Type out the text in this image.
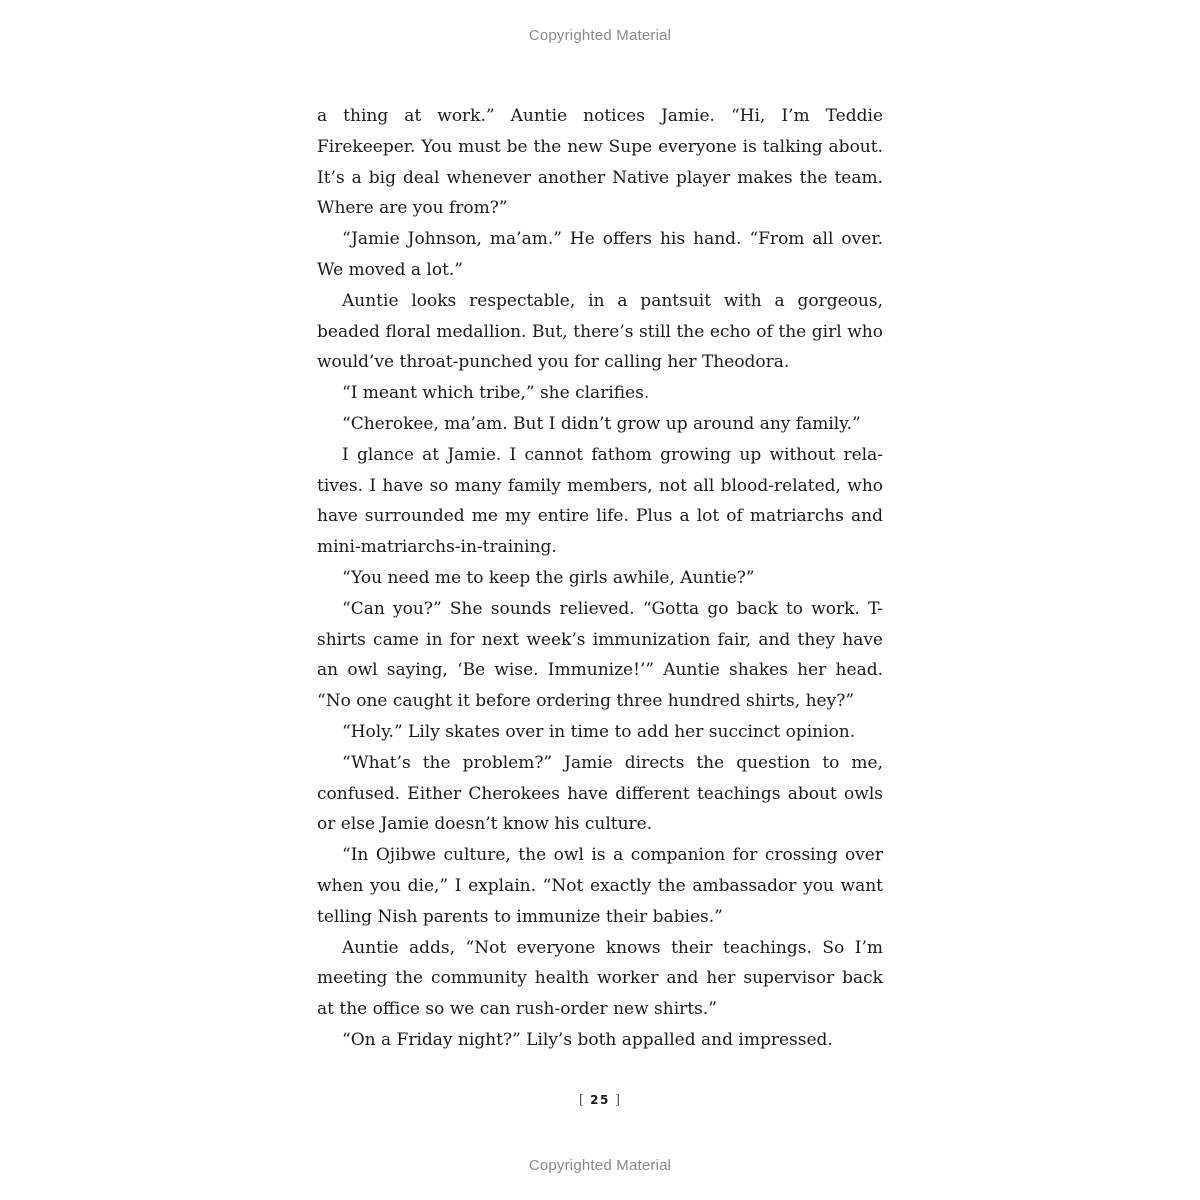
Copyrighted Material

a thing at work.” Auntie notices Jamie. “Hi, I’m Teddie Firekeeper. You must be the new Supe everyone is talking about. It’s a big deal whenever another Native player makes the team. Where are you from?”

“Jamie Johnson, ma’am.” He offers his hand. “From all over. We moved a lot.”

Auntie looks respectable, in a pantsuit with a gorgeous, beaded floral medallion. But, there’s still the echo of the girl who would’ve throat-punched you for calling her Theodora.

“I meant which tribe,” she clarifies.

“Cherokee, ma’am. But I didn’t grow up around any family.”

I glance at Jamie. I cannot fathom growing up without relatives. I have so many family members, not all blood-related, who have surrounded me my entire life. Plus a lot of matriarchs and mini-matriarchs-in-training.

“You need me to keep the girls awhile, Auntie?”

“Can you?” She sounds relieved. “Gotta go back to work. T-shirts came in for next week’s immunization fair, and they have an owl saying, ‘Be wise. Immunize!’” Auntie shakes her head. “No one caught it before ordering three hundred shirts, hey?”

“Holy.” Lily skates over in time to add her succinct opinion.

“What’s the problem?” Jamie directs the question to me, confused. Either Cherokees have different teachings about owls or else Jamie doesn’t know his culture.

“In Ojibwe culture, the owl is a companion for crossing over when you die,” I explain. “Not exactly the ambassador you want telling Nish parents to immunize their babies.”

Auntie adds, “Not everyone knows their teachings. So I’m meeting the community health worker and her supervisor back at the office so we can rush-order new shirts.”

“On a Friday night?” Lily’s both appalled and impressed.

[ 25 ]
Copyrighted Material
